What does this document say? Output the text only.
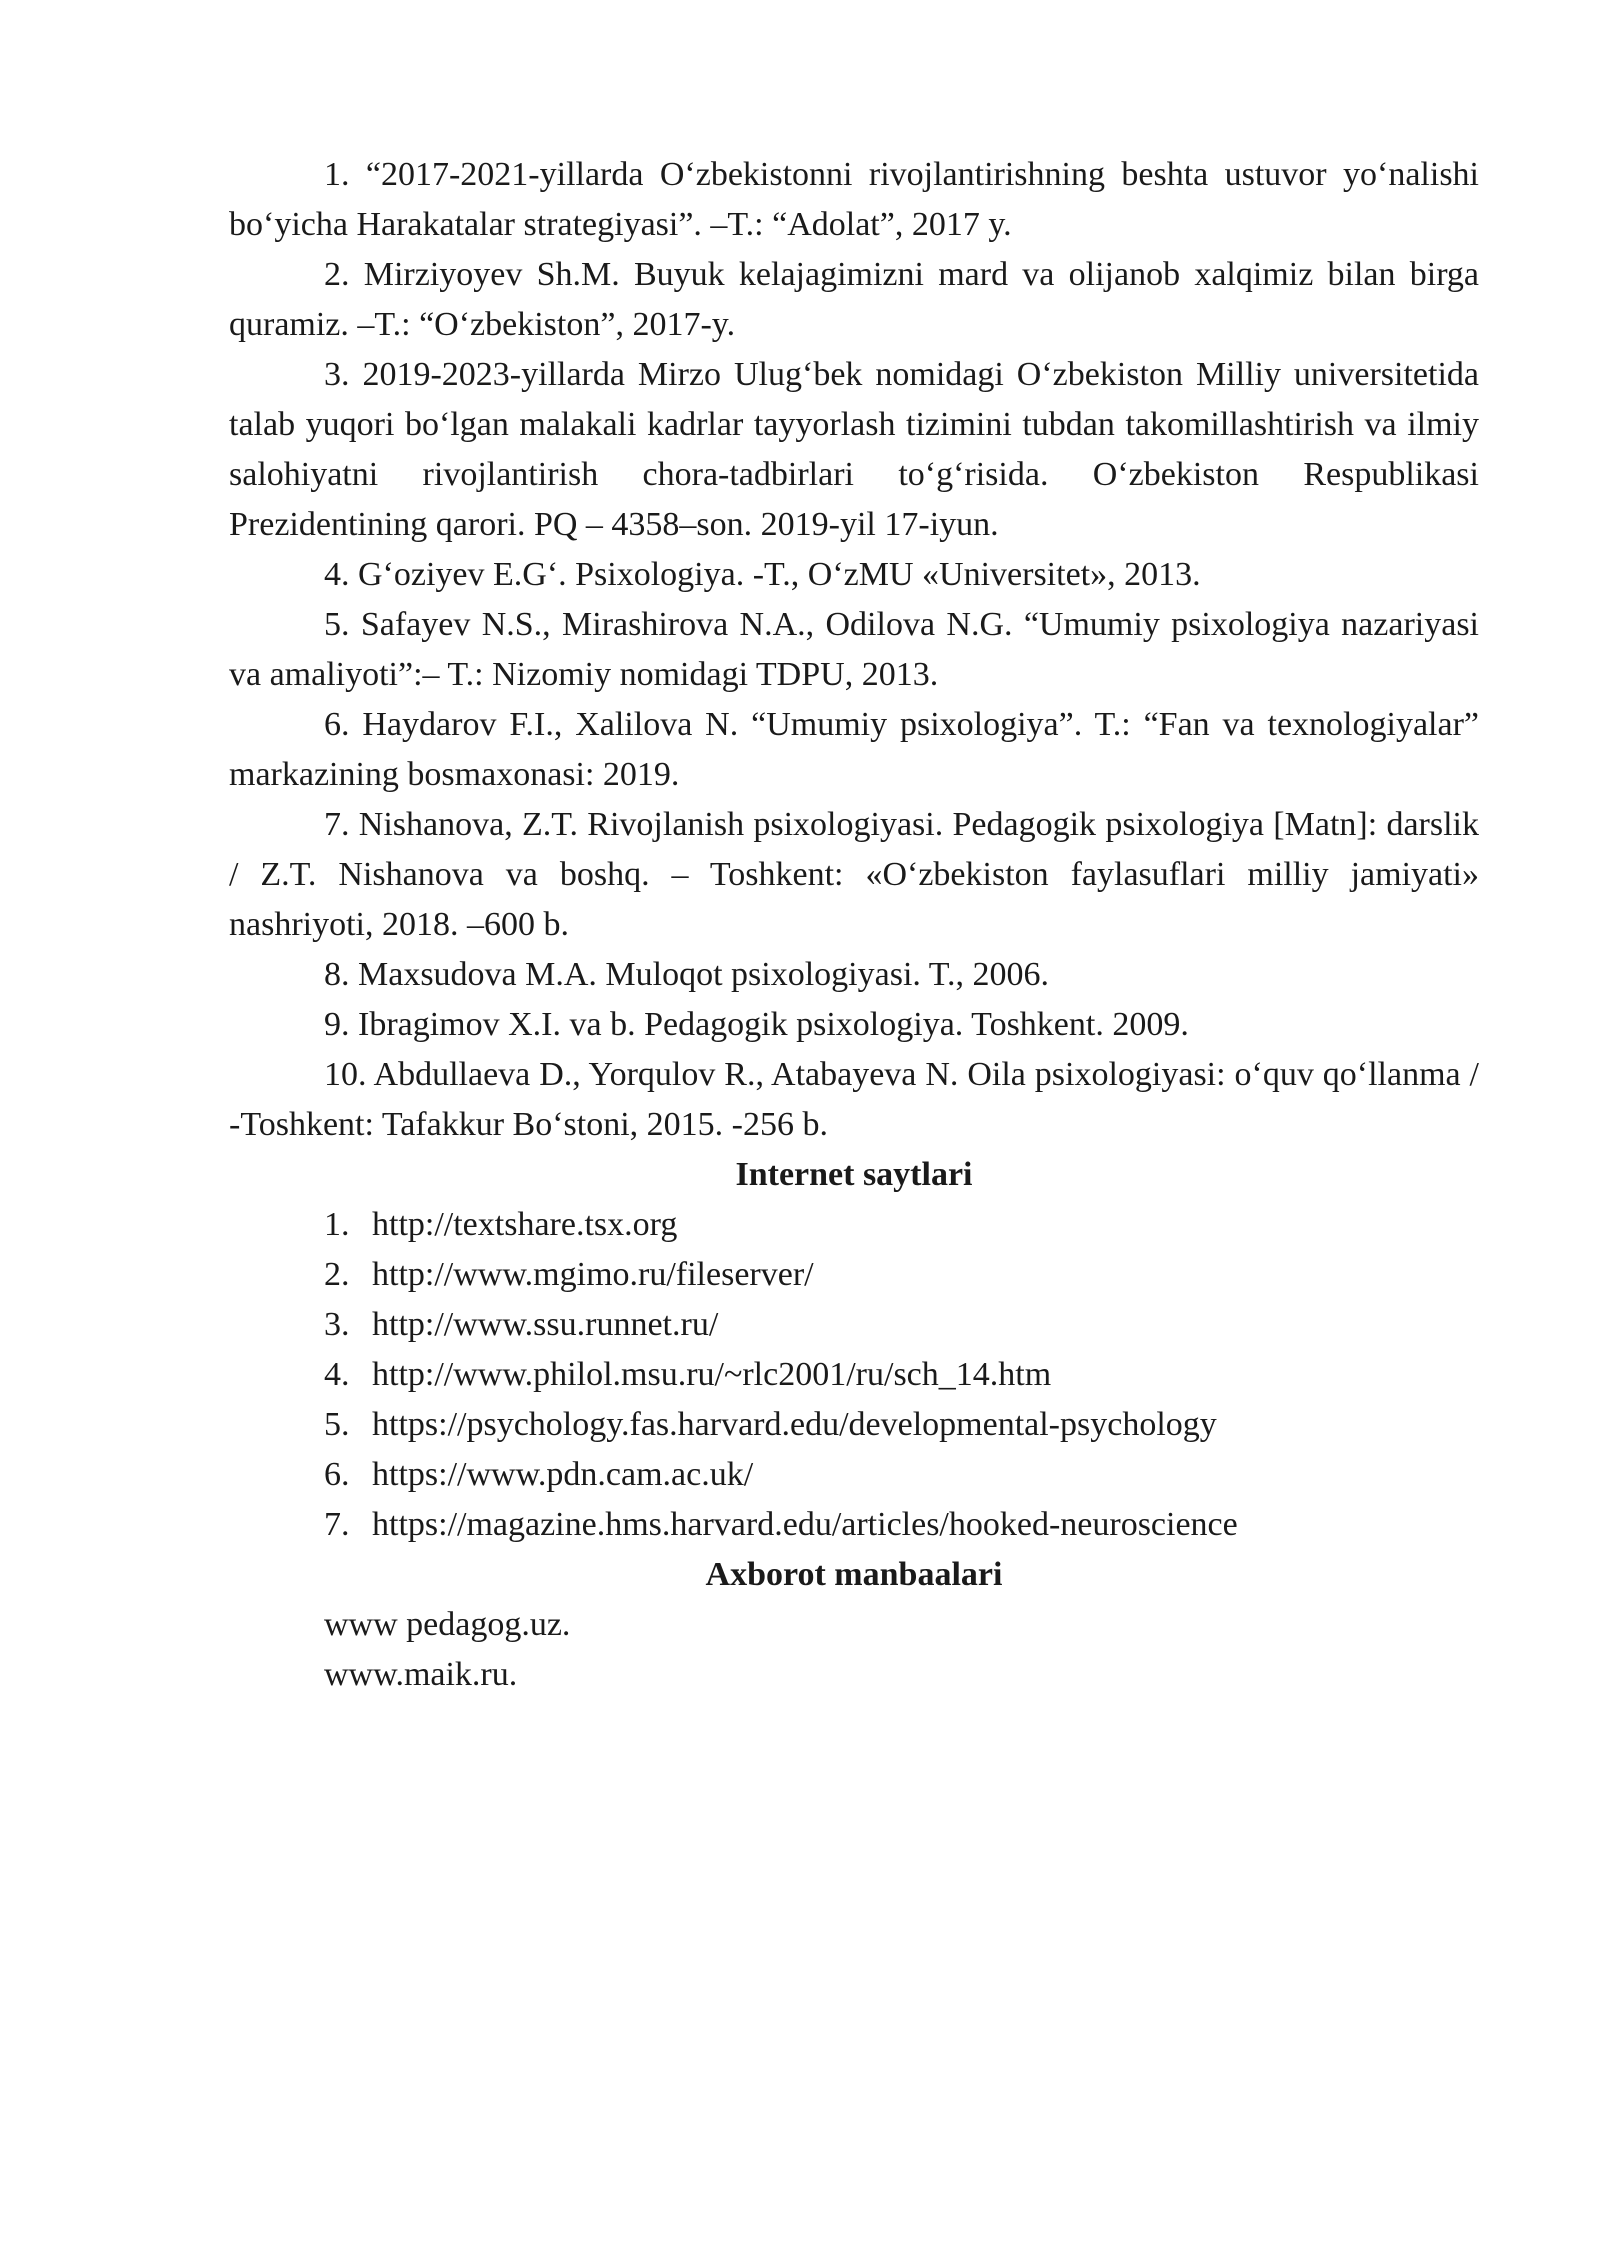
1. “2017-2021-yillarda O‘zbekistonni rivojlantirishning beshta ustuvor yo‘nalishi bo‘yicha Harakatalar strategiyasi”. –T.: “Adolat”, 2017 y.

2. Mirziyoyev Sh.M. Buyuk kelajagimizni mard va olijanob xalqimiz bilan birga quramiz. –T.: “O‘zbekiston”, 2017-y.

3. 2019-2023-yillarda Mirzo Ulug‘bek nomidagi O‘zbekiston Milliy universitetida talab yuqori bo‘lgan malakali kadrlar tayyorlash tizimini tubdan takomillashtirish va ilmiy salohiyatni rivojlantirish chora-tadbirlari to‘g‘risida. O‘zbekiston Respublikasi Prezidentining qarori. PQ – 4358–son. 2019-yil 17-iyun.

4. G‘oziyev E.G‘. Psixologiya. -T., O‘zMU «Universitet», 2013.

5. Safayev N.S., Mirashirova N.A., Odilova N.G. “Umumiy psixologiya nazariyasi va amaliyoti”:– T.: Nizomiy nomidagi TDPU, 2013.

6. Haydarov F.I., Xalilova N. “Umumiy psixologiya”. T.: “Fan va texnologiyalar” markazining bosmaxonasi: 2019.

7. Nishanova, Z.T. Rivojlanish psixologiyasi. Pedagogik psixologiya [Matn]: darslik / Z.T. Nishanova va boshq. – Toshkent: «O‘zbekiston faylasuflari milliy jamiyati» nashriyoti, 2018. –600 b.

8. Maxsudova M.A. Muloqot psixologiyasi. T., 2006.

9. Ibragimov X.I. va b. Pedagogik psixologiya. Toshkent. 2009.

10. Abdullaeva D., Yorqulov R., Atabayeva N. Oila psixologiyasi: o‘quv qo‘llanma / -Toshkent: Tafakkur Bo‘stoni, 2015. -256 b.

Internet saytlari
1. http://textshare.tsx.org
2. http://www.mgimo.ru/fileserver/
3. http://www.ssu.runnet.ru/
4. http://www.philol.msu.ru/~rlc2001/ru/sch_14.htm
5. https://psychology.fas.harvard.edu/developmental-psychology
6. https://www.pdn.cam.ac.uk/
7. https://magazine.hms.harvard.edu/articles/hooked-neuroscience
Axborot manbaalari

www pedagog.uz.

www.maik.ru.
